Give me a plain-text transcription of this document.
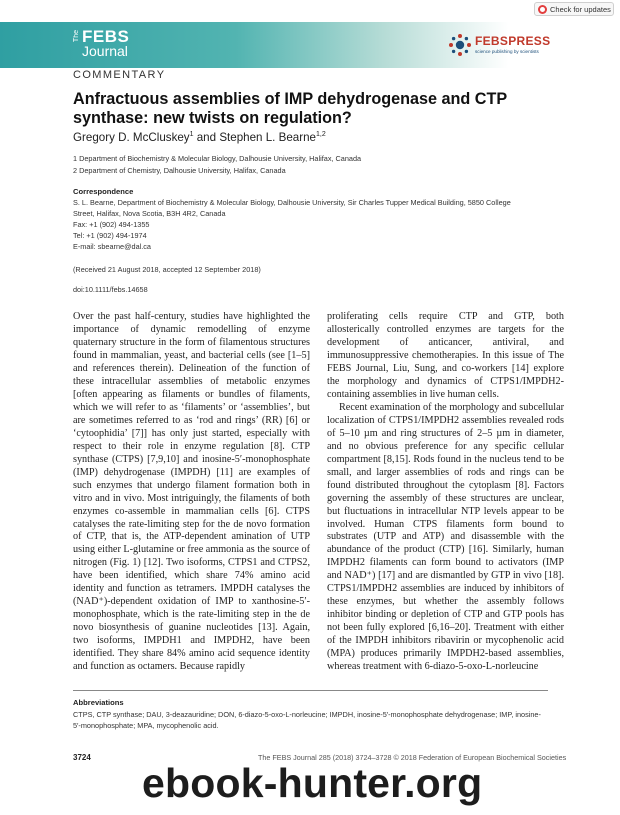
Check for updates
The FEBS
Journal
FEBSPRESS
science publishing by scientists
COMMENTARY
Anfractuous assemblies of IMP dehydrogenase and CTP synthase: new twists on regulation?
Gregory D. McCluskey$^1$ and Stephen L. Bearne$^{1,2}$
1 Department of Biochemistry & Molecular Biology, Dalhousie University, Halifax, Canada
2 Department of Chemistry, Dalhousie University, Halifax, Canada
Correspondence
S. L. Bearne, Department of Biochemistry & Molecular Biology, Dalhousie University, Sir Charles Tupper Medical Building, 5850 College
Street, Halifax, Nova Scotia, B3H 4R2, Canada
Fax: +1 (902) 494-1355
Tel: +1 (902) 494-1974
E-mail: sbearne@dal.ca
(Received 21 August 2018, accepted 12 September 2018)
doi:10.1111/febs.14658

Over the past half-century, studies have highlighted the importance of dynamic remodelling of enzyme quaternary structure in the form of filamentous structures found in mammalian, yeast, and bacterial cells (see [1–5] and references therein). Delineation of the function of these intracellular assemblies of metabolic enzymes [often appearing as filaments or bundles of filaments, which we will refer to as ‘filaments’ or ‘assemblies’, but are sometimes referred to as ‘rod and rings’ (RR) [6] or ‘cytoophidia’ [7]] has only just started, especially with respect to their role in enzyme regulation [8]. CTP synthase (CTPS) [7,9,10] and inosine-5′-monophosphate (IMP) dehydrogenase (IMPDH) [11] are examples of such enzymes that undergo filament formation both in vitro and in vivo. Most intriguingly, the filaments of both enzymes co-assemble in mammalian cells [6]. CTPS catalyses the rate-limiting step for the de novo formation of CTP, that is, the ATP-dependent amination of UTP using either L-glutamine or free ammonia as the source of nitrogen (Fig. 1) [12]. Two isoforms, CTPS1 and CTPS2, have been identified, which share 74% amino acid identity and function as tetramers. IMPDH catalyses the (NAD⁺)-dependent oxidation of IMP to xanthosine-5′-monophosphate, which is the rate-limiting step in the de novo biosynthesis of guanine nucleotides [13]. Again, two isoforms, IMPDH1 and IMPDH2, have been identified. They share 84% amino acid sequence identity and function as octamers. Because rapidly

proliferating cells require CTP and GTP, both allosterically controlled enzymes are targets for the development of anticancer, antiviral, and immunosuppressive chemotherapies. In this issue of The FEBS Journal, Liu, Sung, and co-workers [14] explore the morphology and dynamics of CTPS1/IMPDH2-containing assemblies in live human cells.

Recent examination of the morphology and subcellular localization of CTPS1/IMPDH2 assemblies revealed rods of 5–10 µm and ring structures of 2–5 µm in diameter, and no obvious preference for any specific cellular compartment [8,15]. Rods found in the nucleus tend to be small, and larger assemblies of rods and rings can be found distributed throughout the cytoplasm [8]. Factors governing the assembly of these structures are unclear, but fluctuations in intracellular NTP levels appear to be involved. Human CTPS filaments form bound to substrates (UTP and ATP) and disassemble with the abundance of the product (CTP) [16]. Similarly, human IMPDH2 filaments can form bound to activators (IMP and NAD⁺) [17] and are dismantled by GTP in vivo [18]. CTPS1/IMPDH2 assemblies are induced by inhibitors of these enzymes, but whether the assembly follows inhibitor binding or depletion of CTP and GTP pools has not been fully explored [6,16–20]. Treatment with either of the IMPDH inhibitors ribavirin or mycophenolic acid (MPA) produces primarily IMPDH2-based assemblies, whereas treatment with 6-diazo-5-oxo-L-norleucine

Abbreviations
CTPS, CTP synthase; DAU, 3-deazauridine; DON, 6-diazo-5-oxo-L-norleucine; IMPDH, inosine-5′-monophosphate dehydrogenase; IMP, inosine-5′-monophosphate; MPA, mycophenolic acid.
3724	The FEBS Journal 285 (2018) 3724–3728 © 2018 Federation of European Biochemical Societies
ebook-hunter.org
